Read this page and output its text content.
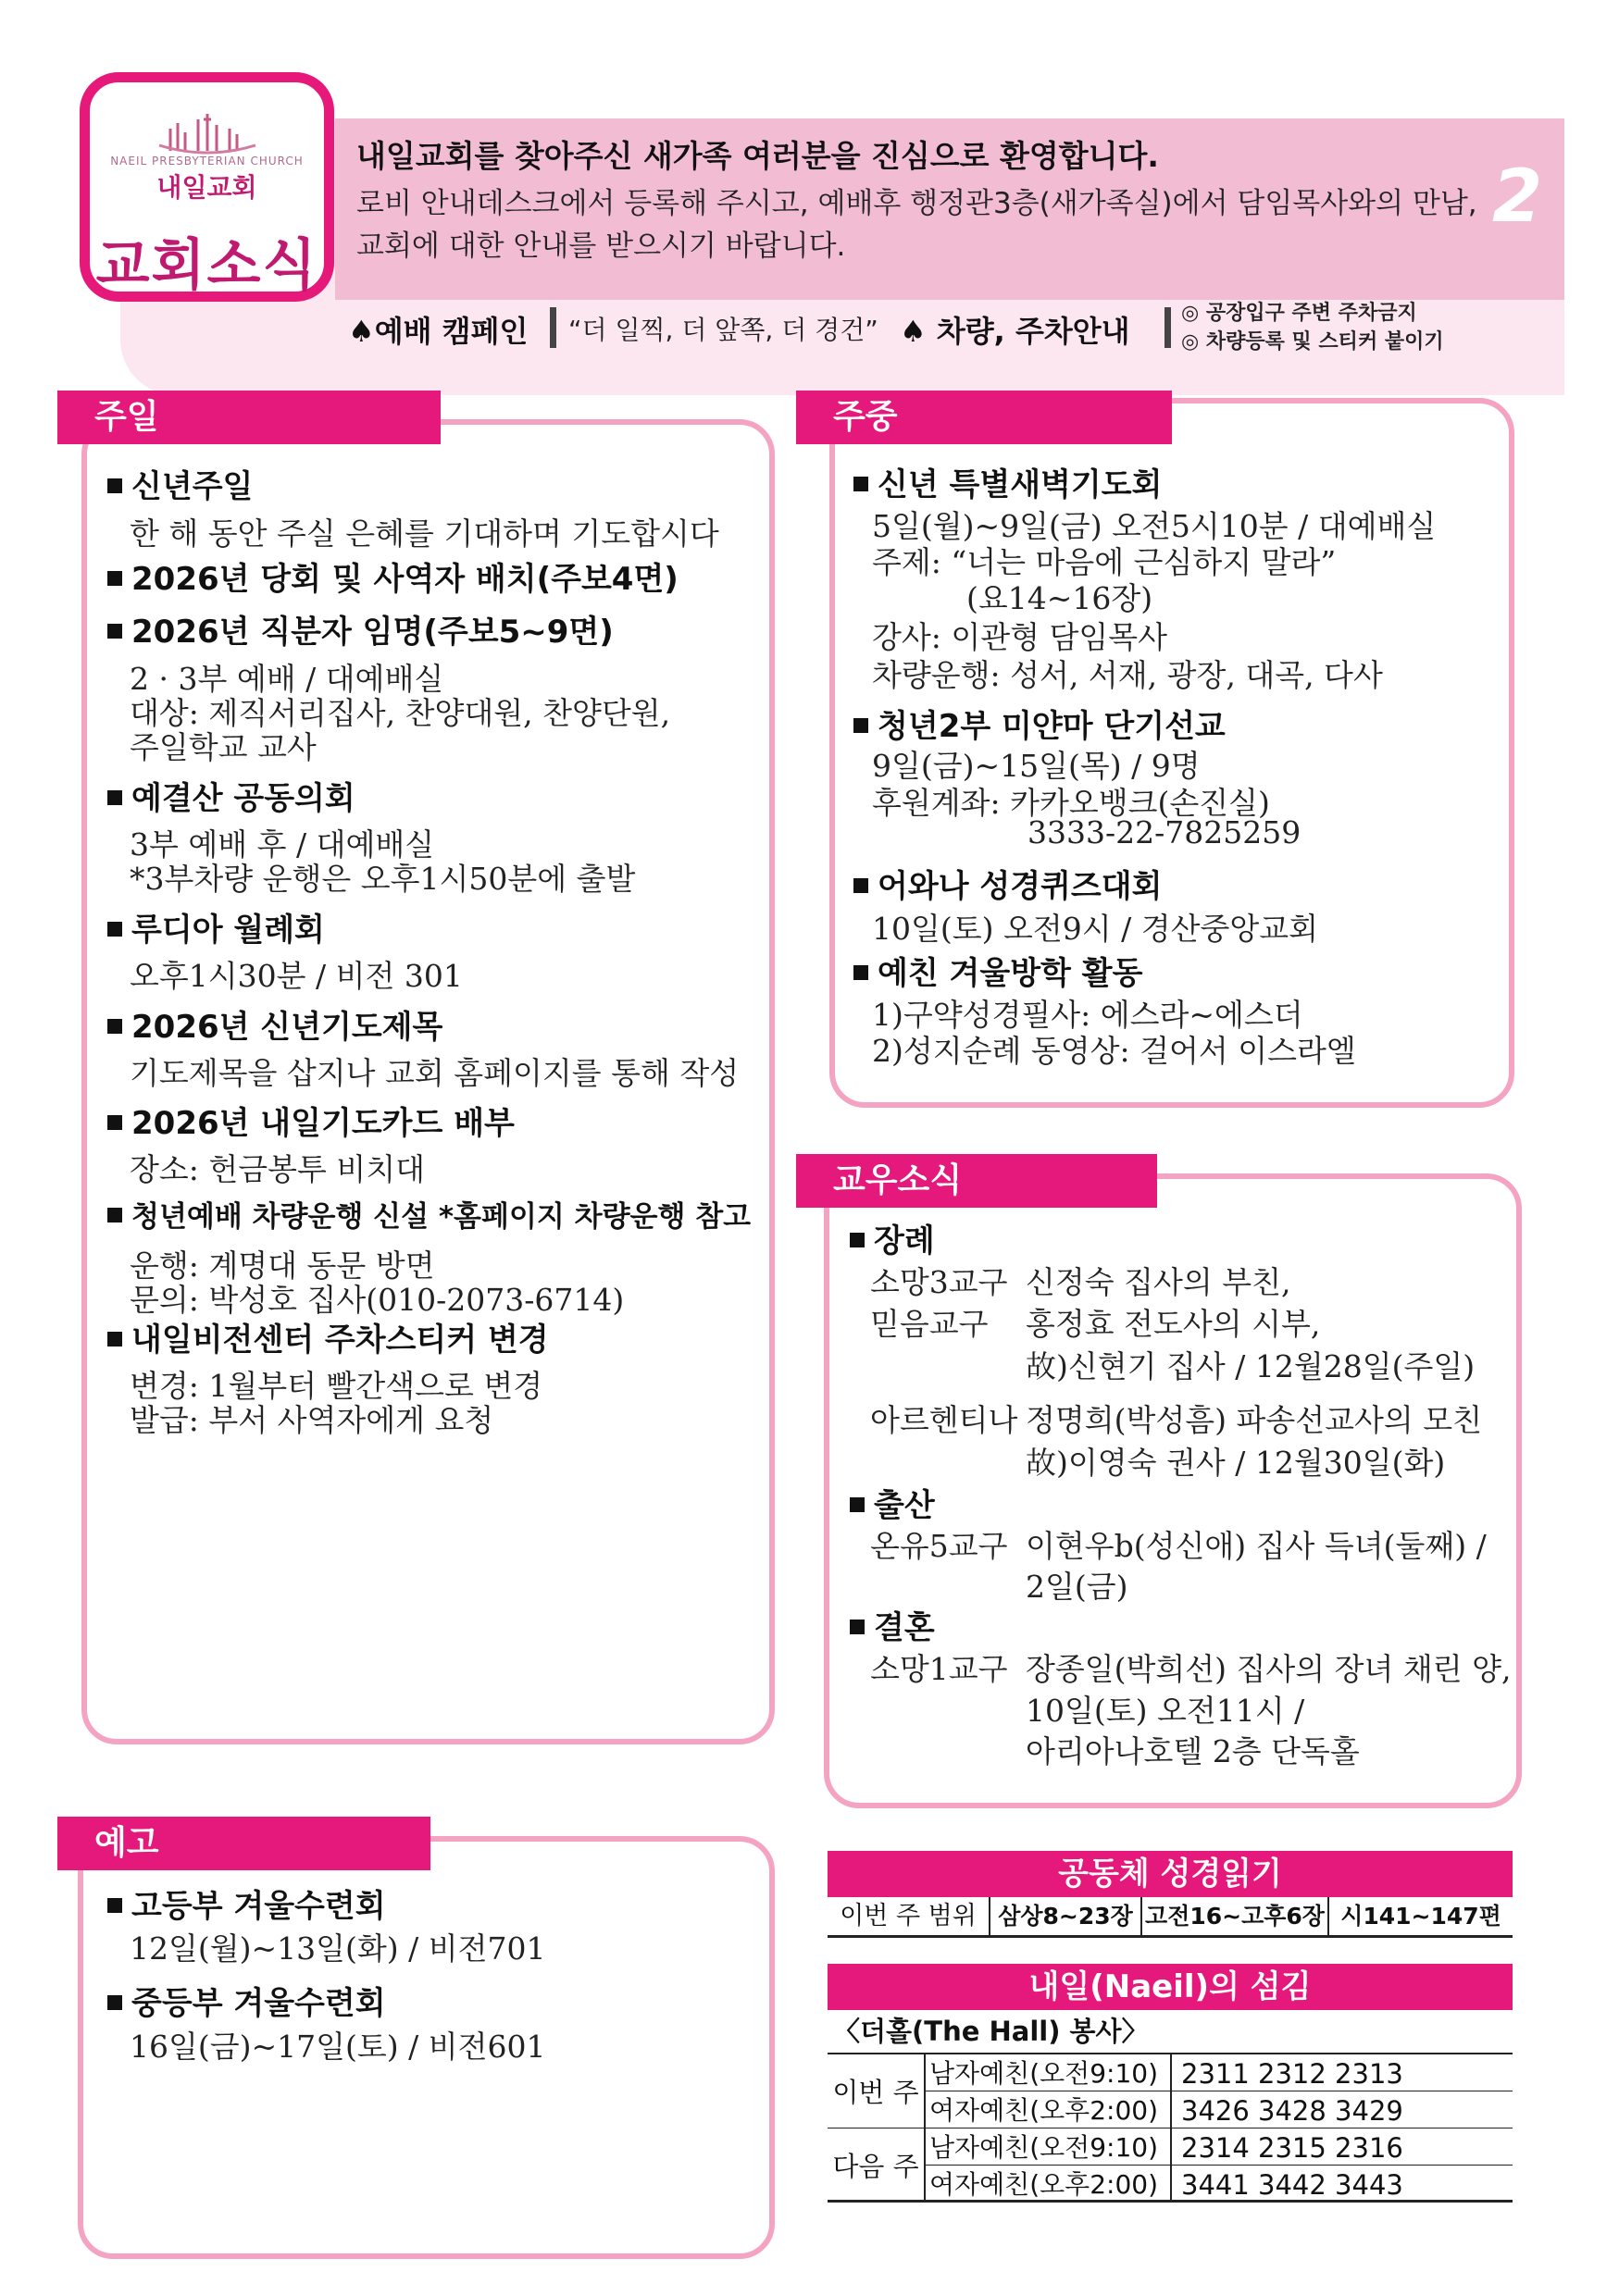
NAEIL PRESBYTERIAN CHURCH
내일교회
교회소식
내일교회를 찾아주신 새가족 여러분을 진심으로 환영합니다.
로비 안내데스크에서 등록해 주시고, 예배후 행정관3층(새가족실)에서 담임목사와의 만남,
교회에 대한 안내를 받으시기 바랍니다.
2
♠예배 캠페인 “더 일찍, 더 앞쪽, 더 경건” ♠ 차량, 주차안내
◎ 공장입구 주변 주차금지
◎ 차량등록 및 스티커 붙이기
주일
신년주일
한 해 동안 주실 은혜를 기대하며 기도합시다
2026년 당회 및 사역자 배치(주보4면)
2026년 직분자 임명(주보5~9면)
2 · 3부 예배 / 대예배실
대상: 제직서리집사, 찬양대원, 찬양단원,
주일학교 교사
예결산 공동의회
3부 예배 후 / 대예배실
*3부차량 운행은 오후1시50분에 출발
루디아 월례회
오후1시30분 / 비전 301
2026년 신년기도제목
기도제목을 삽지나 교회 홈페이지를 통해 작성
2026년 내일기도카드 배부
장소: 헌금봉투 비치대
청년예배 차량운행 신설 *홈페이지 차량운행 참고
운행: 계명대 동문 방면
문의: 박성호 집사(010-2073-6714)
내일비전센터 주차스티커 변경
변경: 1월부터 빨간색으로 변경
발급: 부서 사역자에게 요청
주중
신년 특별새벽기도회
5일(월)~9일(금) 오전5시10분 / 대예배실
주제: “너는 마음에 근심하지 말라”
(요14~16장)
강사: 이관형 담임목사
차량운행: 성서, 서재, 광장, 대곡, 다사
청년2부 미얀마 단기선교
9일(금)~15일(목) / 9명
후원계좌: 카카오뱅크(손진실)
3333-22-7825259
어와나 성경퀴즈대회
10일(토) 오전9시 / 경산중앙교회
예친 겨울방학 활동
1)구약성경필사: 에스라~에스더
2)성지순례 동영상: 걸어서 이스라엘
교우소식
장례
소망3교구 신정숙 집사의 부친,
믿음교구 홍정효 전도사의 시부,
故)신현기 집사 / 12월28일(주일)
아르헨티나 정명희(박성흠) 파송선교사의 모친
故)이영숙 권사 / 12월30일(화)
출산
온유5교구 이현우b(성신애) 집사 득녀(둘째) /
2일(금)
결혼
소망1교구 장종일(박희선) 집사의 장녀 채린 양,
10일(토) 오전11시 /
아리아나호텔 2층 단독홀
예고
고등부 겨울수련회
12일(월)~13일(화) / 비전701
중등부 겨울수련회
16일(금)~17일(토) / 비전601
공동체 성경읽기
이번 주 범위 삼상8~23장 고전16~고후6장 시141~147편
내일(Naeil)의 섬김
〈더홀(The Hall) 봉사〉
이번 주
남자예친(오전9:10) 2311 2312 2313
여자예친(오후2:00) 3426 3428 3429
다음 주
남자예친(오전9:10) 2314 2315 2316
여자예친(오후2:00) 3441 3442 3443
